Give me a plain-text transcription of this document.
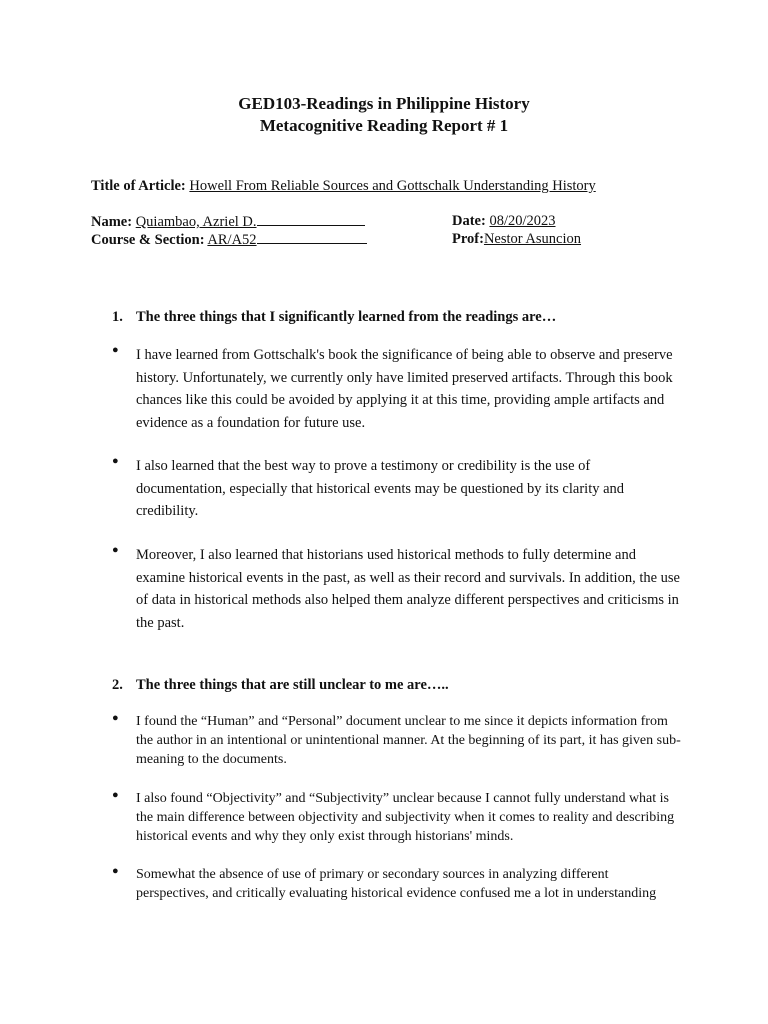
GED103-Readings in Philippine History
Metacognitive Reading Report # 1
Title of Article: Howell From Reliable Sources and Gottschalk Understanding History
Name: Quiambao, Azriel D.	Date: 08/20/2023
Course & Section: AR/A52	Prof:Nestor Asuncion
1. The three things that I significantly learned from the readings are…
● I have learned from Gottschalk's book the significance of being able to observe and preserve history. Unfortunately, we currently only have limited preserved artifacts. Through this book chances like this could be avoided by applying it at this time, providing ample artifacts and evidence as a foundation for future use.
● I also learned that the best way to prove a testimony or credibility is the use of documentation, especially that historical events may be questioned by its clarity and credibility.
● Moreover, I also learned that historians used historical methods to fully determine and examine historical events in the past, as well as their record and survivals. In addition, the use of data in historical methods also helped them analyze different perspectives and criticisms in the past.
2. The three things that are still unclear to me are…..
● I found the “Human” and “Personal” document unclear to me since it depicts information from the author in an intentional or unintentional manner. At the beginning of its part, it has given sub-meaning to the documents.
● I also found “Objectivity” and “Subjectivity” unclear because I cannot fully understand what is the main difference between objectivity and subjectivity when it comes to reality and describing historical events and why they only exist through historians' minds.
● Somewhat the absence of use of primary or secondary sources in analyzing different perspectives, and critically evaluating historical evidence confused me a lot in understanding
